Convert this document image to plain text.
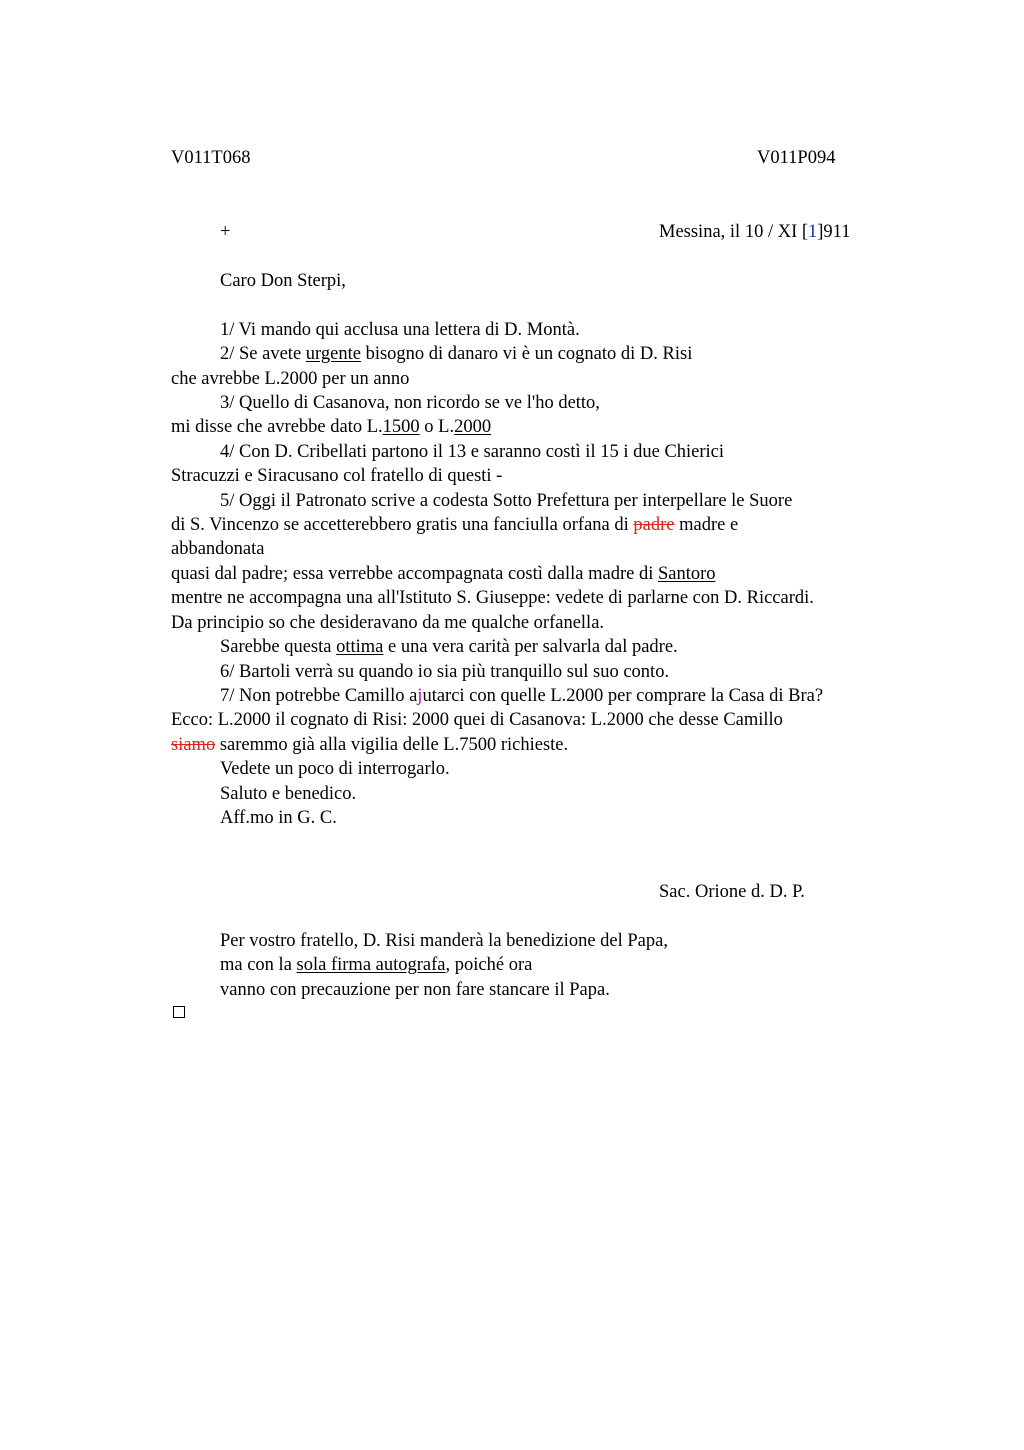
V011T068	V011P094
+	Messina, il 10 / XI [1]911
Caro Don Sterpi,
1/ Vi mando qui acclusa una lettera di D. Montà.
2/ Se avete urgente bisogno di danaro vi è un cognato di D. Risi
che avrebbe L.2000 per un anno
3/ Quello di Casanova, non ricordo se ve l'ho detto,
mi disse che avrebbe dato L.1500 o L.2000
4/ Con D. Cribellati partono il 13 e saranno costì il 15 i due Chierici
Stracuzzi e Siracusano col fratello di questi -
5/ Oggi il Patronato scrive a codesta Sotto Prefettura per interpellare le Suore
di S. Vincenzo se accetterebbero gratis una fanciulla orfana di padre madre e
abbandonata
quasi dal padre; essa verrebbe accompagnata costì dalla madre di Santoro
mentre ne accompagna una all'Istituto S. Giuseppe: vedete di parlarne con D. Riccardi.
Da principio so che desideravano da me qualche orfanella.
Sarebbe questa ottima e una vera carità per salvarla dal padre.
6/ Bartoli verrà su quando io sia più tranquillo sul suo conto.
7/ Non potrebbe Camillo ajutarci con quelle L.2000 per comprare la Casa di Bra?
Ecco: L.2000 il cognato di Risi: 2000 quei di Casanova: L.2000 che desse Camillo
siamo saremmo già alla vigilia delle L.7500 richieste.
Vedete un poco di interrogarlo.
Saluto e benedico.
Aff.mo in G. C.
Sac. Orione d. D. P.
Per vostro fratello, D. Risi manderà la benedizione del Papa,
ma con la sola firma autografa, poiché ora
vanno con precauzione per non fare stancare il Papa.
